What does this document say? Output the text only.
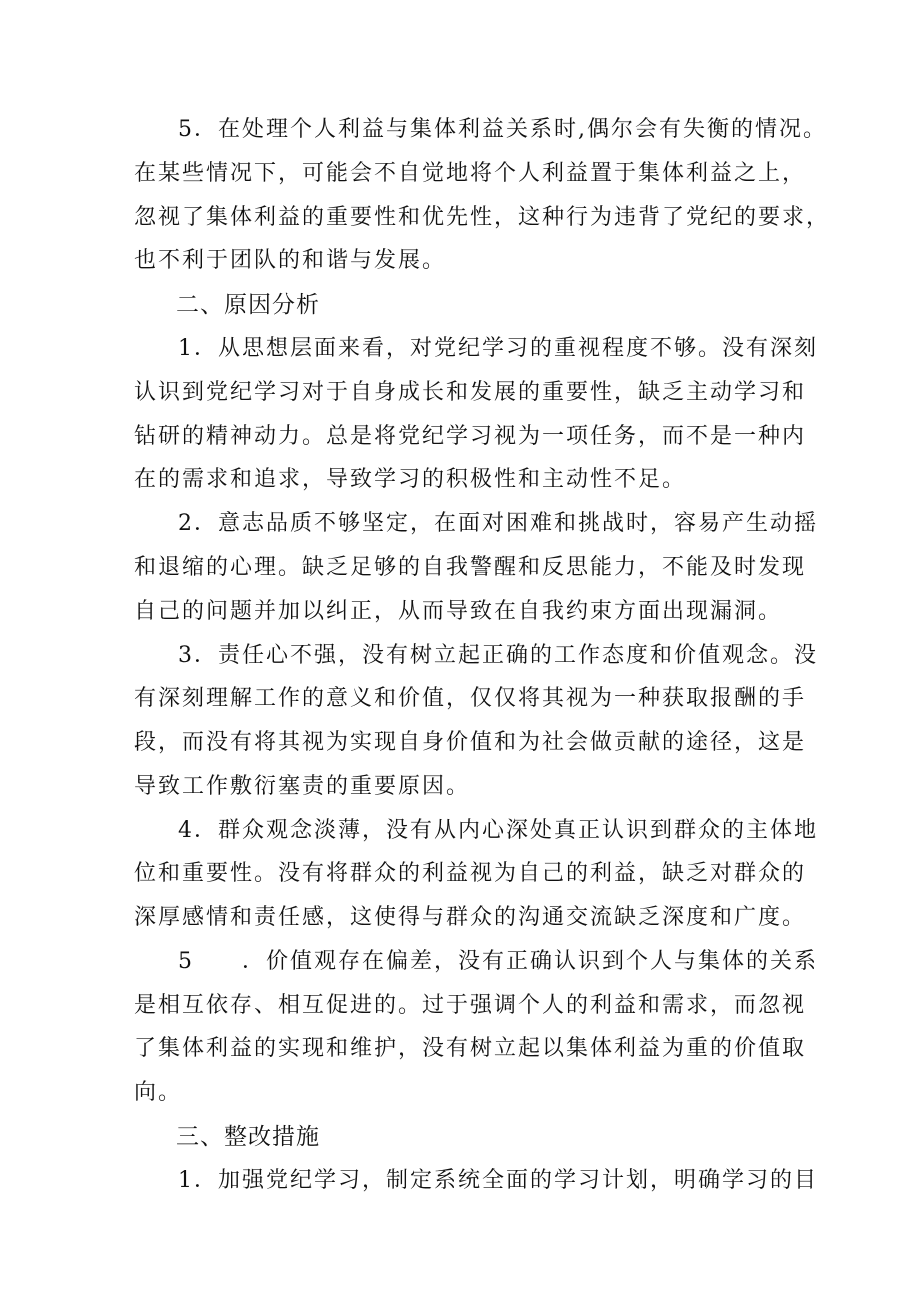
5．在处理个人利益与集体利益关系时,偶尔会有失衡的情况。
在某些情况下，可能会不自觉地将个人利益置于集体利益之上，
忽视了集体利益的重要性和优先性，这种行为违背了党纪的要求，
也不利于团队的和谐与发展。
二、原因分析
1．从思想层面来看，对党纪学习的重视程度不够。没有深刻
认识到党纪学习对于自身成长和发展的重要性，缺乏主动学习和
钻研的精神动力。总是将党纪学习视为一项任务，而不是一种内
在的需求和追求，导致学习的积极性和主动性不足。
2．意志品质不够坚定，在面对困难和挑战时，容易产生动摇
和退缩的心理。缺乏足够的自我警醒和反思能力，不能及时发现
自己的问题并加以纠正，从而导致在自我约束方面出现漏洞。
3．责任心不强，没有树立起正确的工作态度和价值观念。没
有深刻理解工作的意义和价值，仅仅将其视为一种获取报酬的手
段，而没有将其视为实现自身价值和为社会做贡献的途径，这是
导致工作敷衍塞责的重要原因。
4．群众观念淡薄，没有从内心深处真正认识到群众的主体地
位和重要性。没有将群众的利益视为自己的利益，缺乏对群众的
深厚感情和责任感，这使得与群众的沟通交流缺乏深度和广度。
5　　．价值观存在偏差，没有正确认识到个人与集体的关系
是相互依存、相互促进的。过于强调个人的利益和需求，而忽视
了集体利益的实现和维护，没有树立起以集体利益为重的价值取
向。
三、整改措施
1．加强党纪学习，制定系统全面的学习计划，明确学习的目
